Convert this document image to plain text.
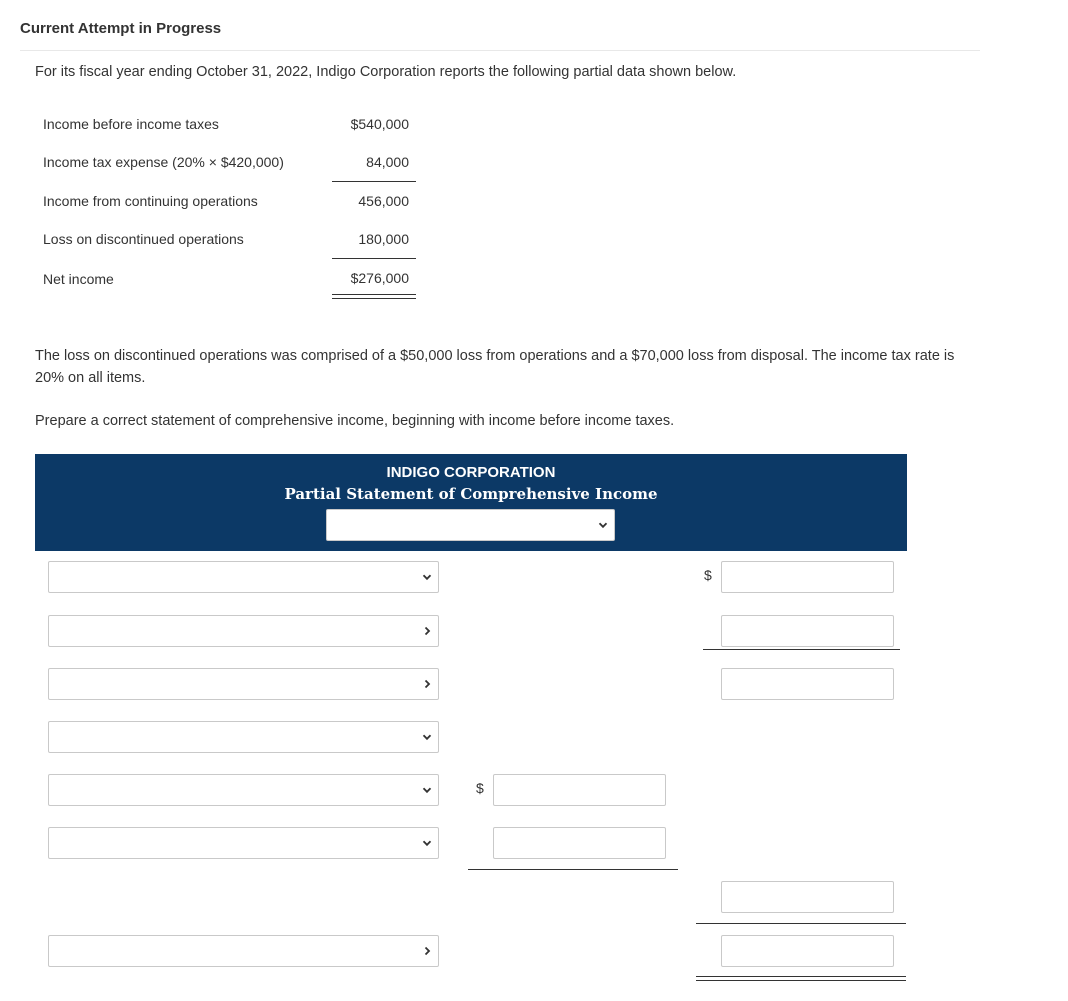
Current Attempt in Progress
For its fiscal year ending October 31, 2022, Indigo Corporation reports the following partial data shown below.
Income before income taxes	$540,000
Income tax expense (20% × $420,000)	84,000
Income from continuing operations	456,000
Loss on discontinued operations	180,000
Net income	$276,000
The loss on discontinued operations was comprised of a $50,000 loss from operations and a $70,000 loss from disposal. The income tax rate is 20% on all items.
Prepare a correct statement of comprehensive income, beginning with income before income taxes.
INDIGO CORPORATION
Partial Statement of Comprehensive Income
$
$
